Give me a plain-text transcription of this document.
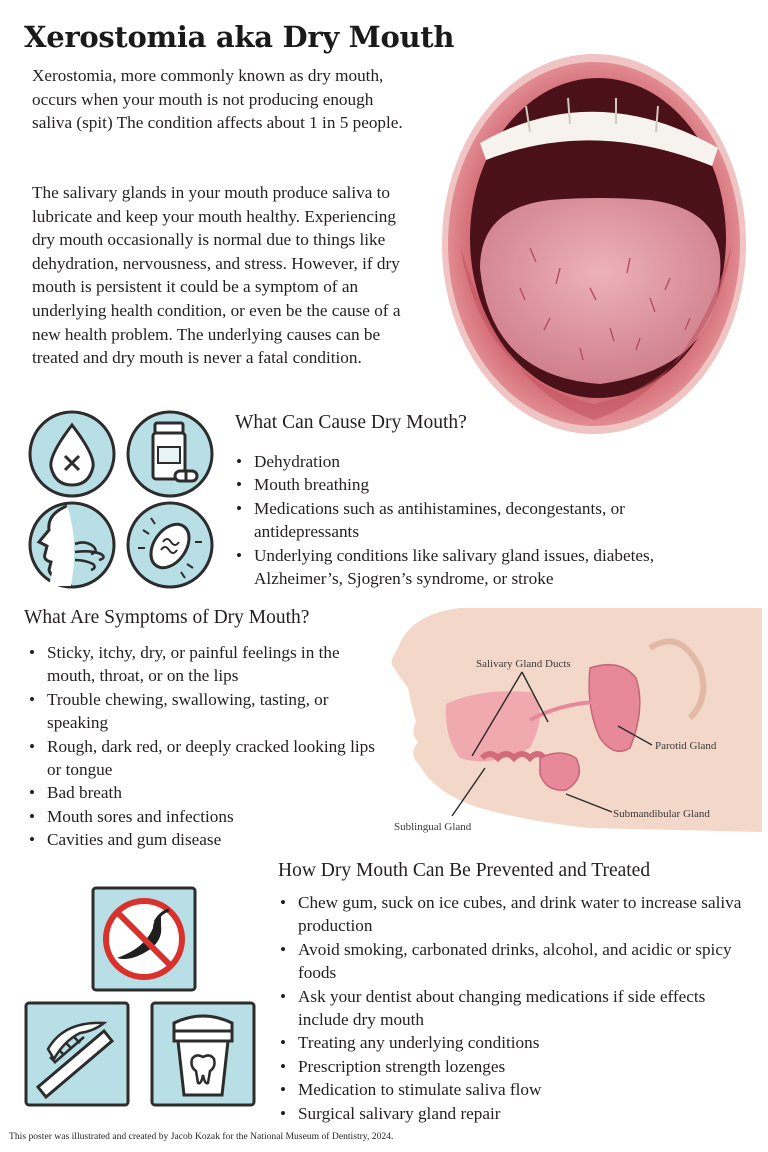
Xerostomia aka Dry Mouth

Xerostomia, more commonly known as dry mouth, occurs when your mouth is not producing enough saliva (spit) The condition affects about 1 in 5 people.

The salivary glands in your mouth produce saliva to lubricate and keep your mouth healthy. Experiencing dry mouth occasionally is normal due to things like dehydration, nervousness, and stress. However, if dry mouth is persistent it could be a symptom of an underlying health condition, or even be the cause of a new health problem. The underlying causes can be treated and dry mouth is never a fatal condition.

What Can Cause Dry Mouth?
• Dehydration
• Mouth breathing
• Medications such as antihistamines, decongestants, or antidepressants
• Underlying conditions like salivary gland issues, diabetes, Alzheimer’s, Sjogren’s syndrome, or stroke
What Are Symptoms of Dry Mouth?
• Sticky, itchy, dry, or painful feelings in the mouth, throat, or on the lips
• Trouble chewing, swallowing, tasting, or speaking
• Rough, dark red, or deeply cracked looking lips or tongue
• Bad breath
• Mouth sores and infections
• Cavities and gum disease
Salivary Gland Ducts
Parotid Gland
Sublingual Gland
Submandibular Gland
How Dry Mouth Can Be Prevented and Treated
• Chew gum, suck on ice cubes, and drink water to increase saliva production
• Avoid smoking, carbonated drinks, alcohol, and acidic or spicy foods
• Ask your dentist about changing medications if side effects include dry mouth
• Treating any underlying conditions
• Prescription strength lozenges
• Medication to stimulate saliva flow
• Surgical salivary gland repair

This poster was illustrated and created by Jacob Kozak for the National Museum of Dentistry, 2024.
